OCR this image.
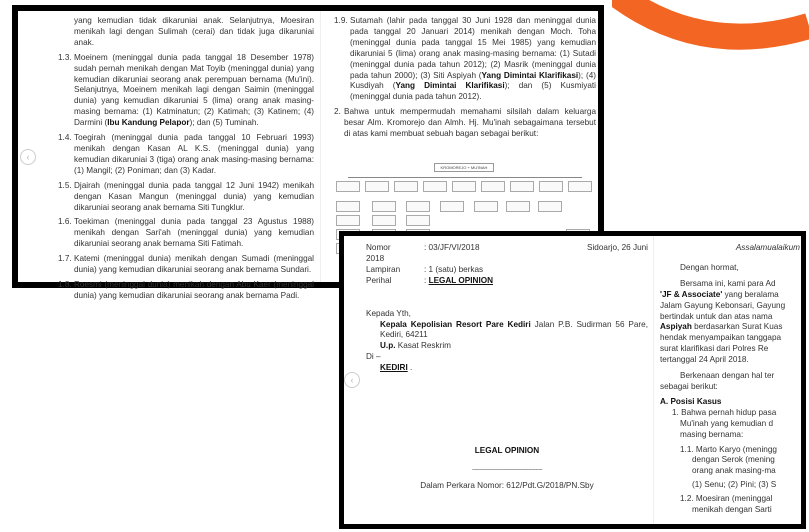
yang kemudian tidak dikaruniai anak. Selanjutnya, Moesiran menikah lagi dengan Sulimah (cerai) dan tidak juga dikaruniai anak.
1.3. Moeinem (meninggal dunia pada tanggal 18 Desember 1978) sudah pernah menikah dengan Mat Toyib (meninggal dunia) yang kemudian dikaruniai seorang anak perempuan bernama (Mu'ini). Selanjutnya, Moeinem menikah lagi dengan Saimin (meninggal dunia) yang kemudian dikaruniai 5 (lima) orang anak masing-masing bernama: (1) Katminatun; (2) Katimah; (3) Katinem; (4) Darmini (Ibu Kandung Pelapor); dan (5) Tuminah.
1.4. Toegirah (meninggal dunia pada tanggal 10 Februari 1993) menikah dengan Kasan AL K.S. (meninggal dunia) yang kemudian dikaruniai 3 (tiga) orang anak masing-masing bernama: (1) Mangil; (2) Poniman; dan (3) Kadar.
1.5. Djairah (meninggal dunia pada tanggal 12 Juni 1942) menikah dengan Kasan Mangun (meninggal dunia) yang kemudian dikaruniai seorang anak bernama Siti Tungklur.
1.6. Toekiman (meninggal dunia pada tanggal 23 Agustus 1988) menikah dengan Sari'ah (meninggal dunia) yang kemudian dikaruniai seorang anak bernama Siti Fatimah.
1.7. Katemi (meninggal dunia) menikah dengan Sumadi (meninggal dunia) yang kemudian dikaruniai seorang anak bernama Sundari.
1.8. Roesmi (meninggal dunia) menikah dengan Abu Kaer (meninggal dunia) yang kemudian dikaruniai seorang anak bernama Padi.
1.9. Sutamah (lahir pada tanggal 30 Juni 1928 dan meninggal dunia pada tanggal 20 Januari 2014) menikah dengan Moch. Toha (meninggal dunia pada tanggal 15 Mei 1985) yang kemudian dikaruniai 5 (lima) orang anak masing-masing bernama: (1) Sutadi (meninggal dunia pada tahun 2012); (2) Masrik (meninggal dunia pada tahun 2000); (3) Siti Aspiyah (Yang Dimintai Klarifikasi); (4) Kusdiyah (Yang Dimintai Klarifikasi); dan (5) Kusmiyati (meninggal dunia pada tahun 2012).
2. Bahwa untuk mempermudah memahami silsilah dalam keluarga besar Alm. Kromorejo dan Almh. Hj. Mu'inah sebagaimana tersebut di atas kami membuat sebuah bagan sebagai berikut:
KROMOREJO + MU'INAH
‹
Nomor	: 03/JF/VI/2018	Sidoarjo, 26 Juni
2018
Lampiran	: 1 (satu) berkas
Perihal	:
LEGAL OPINION
Kepada Yth,
Kepala Kepolisian Resort Pare Kediri Jalan P.B. Sudirman 56 Pare, Kediri, 64211
U.p. Kasat Reskrim
Di –
KEDIRI .
LEGAL OPINION
------------------------------------------------------------
Dalam Perkara Nomor: 612/Pdt.G/2018/PN.Sby
Assalamualaikum
Dengan hormat,
Bersama ini, kami para Ad
'JF & Associate' yang beralama
Jalam Gayung Kebonsari, Gayung
bertindak untuk dan atas nama
Aspiyah berdasarkan Surat Kuas
hendak menyampaikan tanggapa
surat klarifikasi dari Polres Re
tertanggal 24 April 2018.
Berkenaan dengan hal ter
sebagai berikut:
A. Posisi Kasus
1. Bahwa pernah hidup pasa
Mu'inah yang kemudian d
masing bernama:
1.1. Marto Karyo (meningg
dengan Serok (mening
orang anak masing-ma
(1) Senu; (2) Pini; (3) S
1.2. Moesiran (meninggal
menikah dengan Sarti
‹
